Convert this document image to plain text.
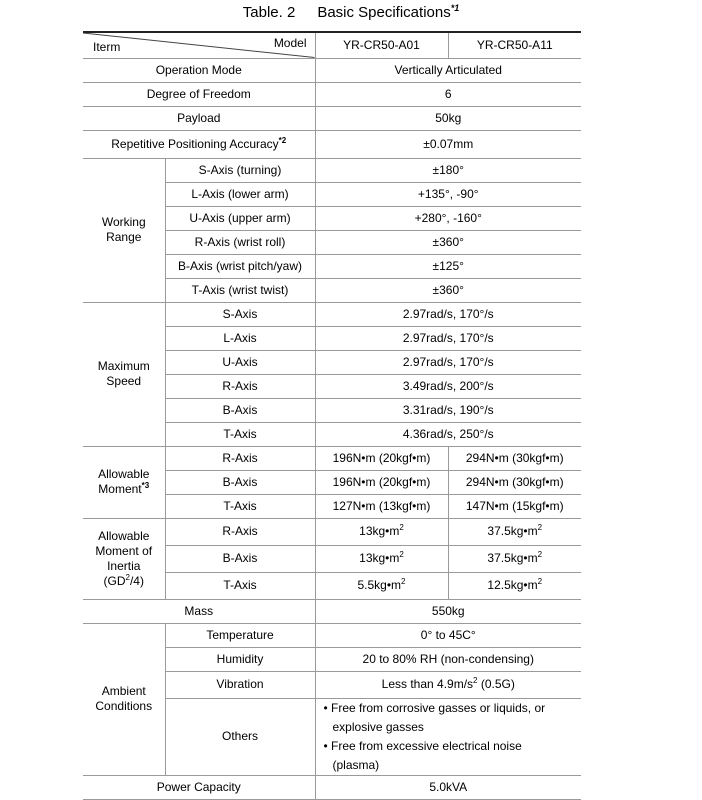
Table. 2 Basic Specifications$^{*1}$
Iterm Model		YR-CR50-A01	YR-CR50-A11
Operation Mode		Vertically Articulated	
Degree of Freedom		6	
Payload		50kg	
Repetitive Positioning Accuracy$^{*2}$		±0.07mm	
Working
Range	S-Axis (turning)	±180°	
	L-Axis (lower arm)	+135°, -90°	
	U-Axis (upper arm)	+280°, -160°	
	R-Axis (wrist roll)	±360°	
	B-Axis (wrist pitch/yaw)	±125°	
	T-Axis (wrist twist)	±360°	
Maximum
Speed	S-Axis	2.97rad/s, 170°/s	
	L-Axis	2.97rad/s, 170°/s	
	U-Axis	2.97rad/s, 170°/s	
	R-Axis	3.49rad/s, 200°/s	
	B-Axis	3.31rad/s, 190°/s	
	T-Axis	4.36rad/s, 250°/s	
Allowable
Moment$^{*3}$	R-Axis	196N•m (20kgf•m)	294N•m (30kgf•m)
	B-Axis	196N•m (20kgf•m)	294N•m (30kgf•m)
	T-Axis	127N•m (13kgf•m)	147N•m (15kgf•m)
Allowable
Moment of
Inertia
$(GD^2/4)$	R-Axis	$13kg•m^2$	$37.5kg•m^2$
	B-Axis	$13kg•m^2$	$37.5kg•m^2$
	T-Axis	$5.5kg•m^2$	$12.5kg•m^2$
Mass		550kg	
Ambient
Conditions	Temperature	0° to 45C°	
	Humidity	20 to 80% RH (non-condensing)	
	Vibration	Less than $4.9m/s^2$ (0.5G)	
	Others	• Free from corrosive gasses or liquids, or
explosive gasses
• Free from excessive electrical noise
(plasma)	

Power Capacity		5.0kVA	
